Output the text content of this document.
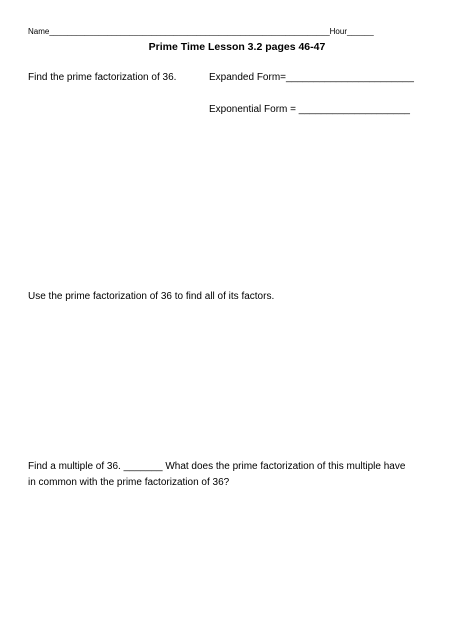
Name_______________________________________________________________Hour______
Prime Time Lesson 3.2 pages 46-47
Find the prime factorization of 36.	Expanded Form=_______________________
Exponential Form = ____________________
Use the prime factorization of 36 to find all of its factors.
Find a multiple of 36. _______ What does the prime factorization of this multiple have
in common with the prime factorization of 36?
